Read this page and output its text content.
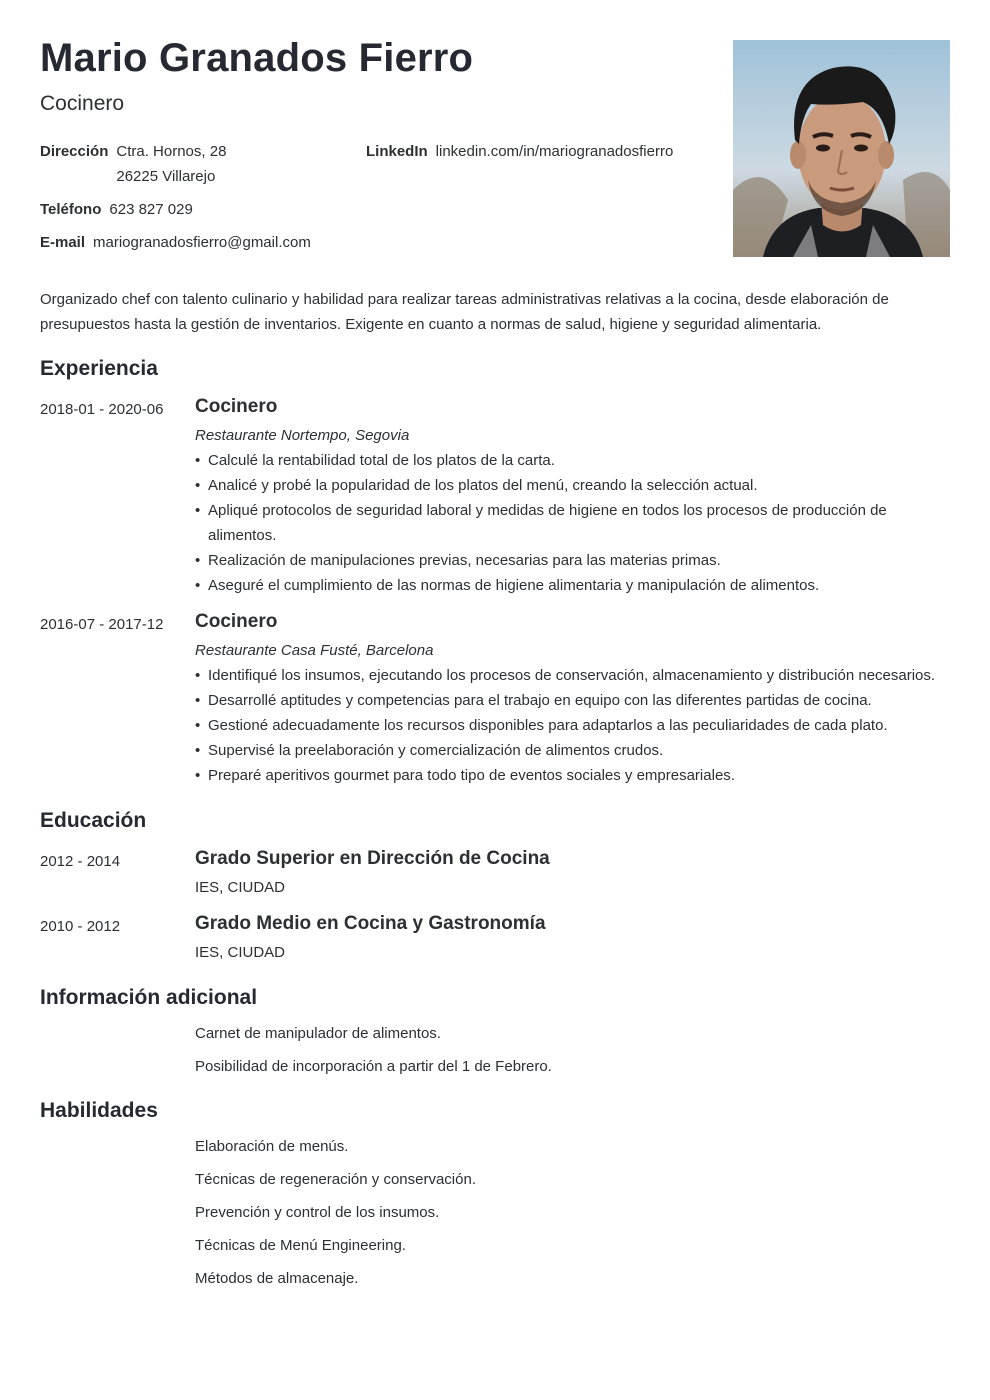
Mario Granados Fierro
Cocinero
Dirección Ctra. Hornos, 28
26225 Villarejo
LinkedIn linkedin.com/in/mariogranadosfierro
Teléfono 623 827 029
E-mail mariogranadosfierro@gmail.com
Organizado chef con talento culinario y habilidad para realizar tareas administrativas relativas a la cocina, desde elaboración de presupuestos hasta la gestión de inventarios. Exigente en cuanto a normas de salud, higiene y seguridad alimentaria.
Experiencia
2018-01 - 2020-06 Cocinero
Restaurante Nortempo, Segovia
• Calculé la rentabilidad total de los platos de la carta.
• Analicé y probé la popularidad de los platos del menú, creando la selección actual.
• Apliqué protocolos de seguridad laboral y medidas de higiene en todos los procesos de producción de alimentos.
• Realización de manipulaciones previas, necesarias para las materias primas.
• Aseguré el cumplimiento de las normas de higiene alimentaria y manipulación de alimentos.
2016-07 - 2017-12 Cocinero
Restaurante Casa Fusté, Barcelona
• Identifiqué los insumos, ejecutando los procesos de conservación, almacenamiento y distribución necesarios.
• Desarrollé aptitudes y competencias para el trabajo en equipo con las diferentes partidas de cocina.
• Gestioné adecuadamente los recursos disponibles para adaptarlos a las peculiaridades de cada plato.
• Supervisé la preelaboración y comercialización de alimentos crudos.
• Preparé aperitivos gourmet para todo tipo de eventos sociales y empresariales.
Educación
2012 - 2014	Grado Superior en Dirección de Cocina
IES, CIUDAD
2010 - 2012	Grado Medio en Cocina y Gastronomía
IES, CIUDAD
Información adicional
Carnet de manipulador de alimentos.
Posibilidad de incorporación a partir del 1 de Febrero.
Habilidades
Elaboración de menús.
Técnicas de regeneración y conservación.
Prevención y control de los insumos.
Técnicas de Menú Engineering.
Métodos de almacenaje.
